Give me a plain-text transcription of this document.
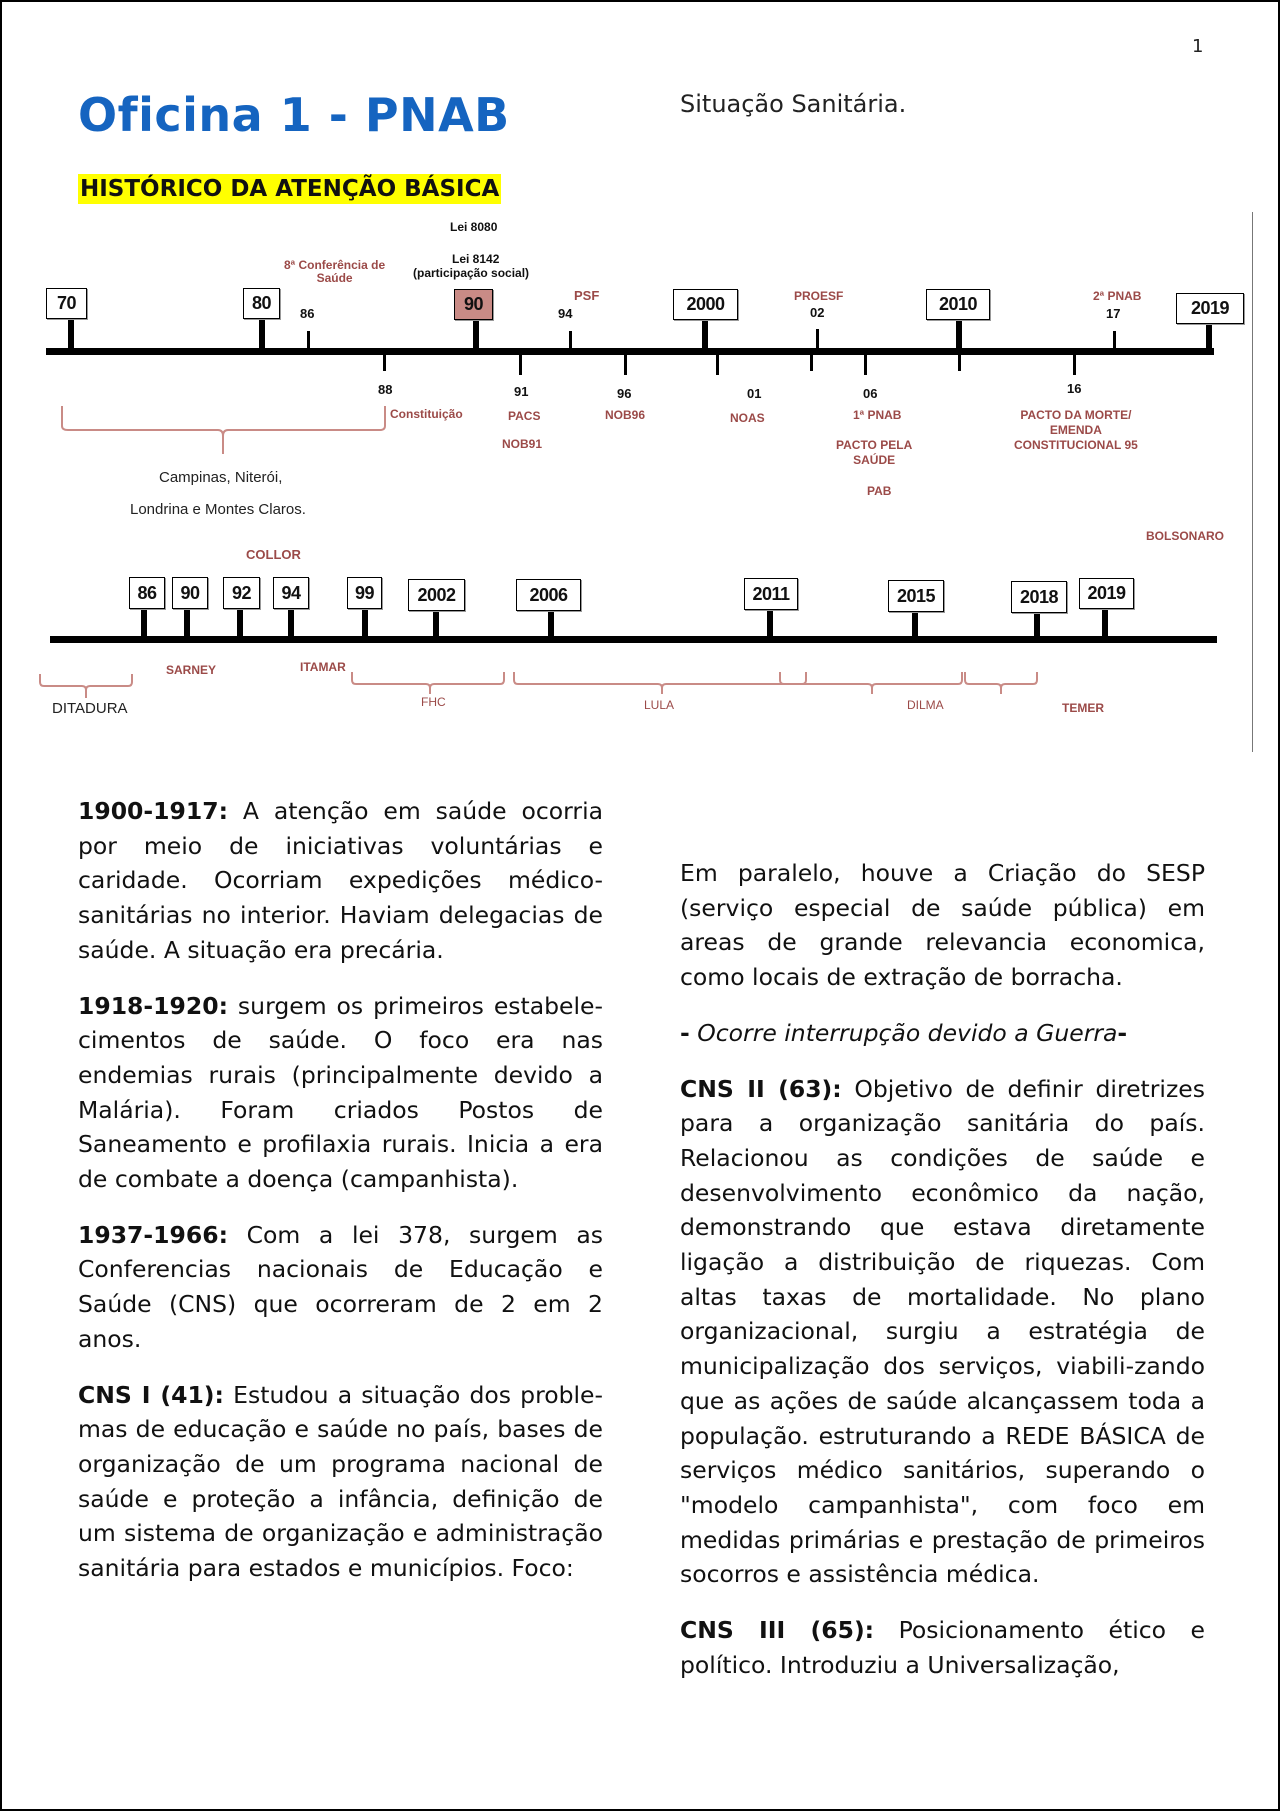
1
Oficina 1 - PNAB	Situação Sanitária.
HISTÓRICO DA ATENÇÃO BÁSICA
70	80	90	2000	2010	2019
86
8ª Conferência de
Saúde
Lei 8080
Lei 8142
(participação social)
94
PSF
02
PROESF
17
2ª PNAB
88
Constituição
91
PACS
NOB91
96
NOB96
01
NOAS
06
1ª PNAB
PACTO PELA
SAÚDE
PAB
16
PACTO DA MORTE/
EMENDA
CONSTITUCIONAL 95
Campinas, Niterói,
Londrina e Montes Claros.
COLLOR
BOLSONARO
86	90	92	94	99	2002	2006	2011	2015	2018	2019
DITADURA
SARNEY	ITAMAR
FHC	LULA	DILMA	TEMER

1900-1917: A atenção em saúde ocorria por meio de iniciativas voluntárias e caridade. Ocorriam expedições médico-sanitárias no interior. Haviam delegacias de saúde. A situação era precária.

1918-1920: surgem os primeiros estabele-cimentos de saúde. O foco era nas endemias rurais (principalmente devido a Malária). Foram criados Postos de Saneamento e profilaxia rurais. Inicia a era de combate a doença (campanhista).

1937-1966: Com a lei 378, surgem as Conferencias nacionais de Educação e Saúde (CNS) que ocorreram de 2 em 2 anos.

CNS I (41): Estudou a situação dos proble-mas de educação e saúde no país, bases de organização de um programa nacional de saúde e proteção a infância, definição de um sistema de organização e administração sanitária para estados e municípios. Foco:

Em paralelo, houve a Criação do SESP (serviço especial de saúde pública) em areas de grande relevancia economica, como locais de extração de borracha.

- Ocorre interrupção devido a Guerra-

CNS II (63): Objetivo de definir diretrizes para a organização sanitária do país. Relacionou as condições de saúde e desenvolvimento econômico da nação, demonstrando que estava diretamente ligação a distribuição de riquezas. Com altas taxas de mortalidade. No plano organizacional, surgiu a estratégia de municipalização dos serviços, viabili-zando que as ações de saúde alcançassem toda a população. estruturando a REDE BÁSICA de serviços médico sanitários, superando o "modelo campanhista", com foco em medidas primárias e prestação de primeiros socorros e assistência médica.

CNS III (65): Posicionamento ético e político. Introduziu a Universalização,
